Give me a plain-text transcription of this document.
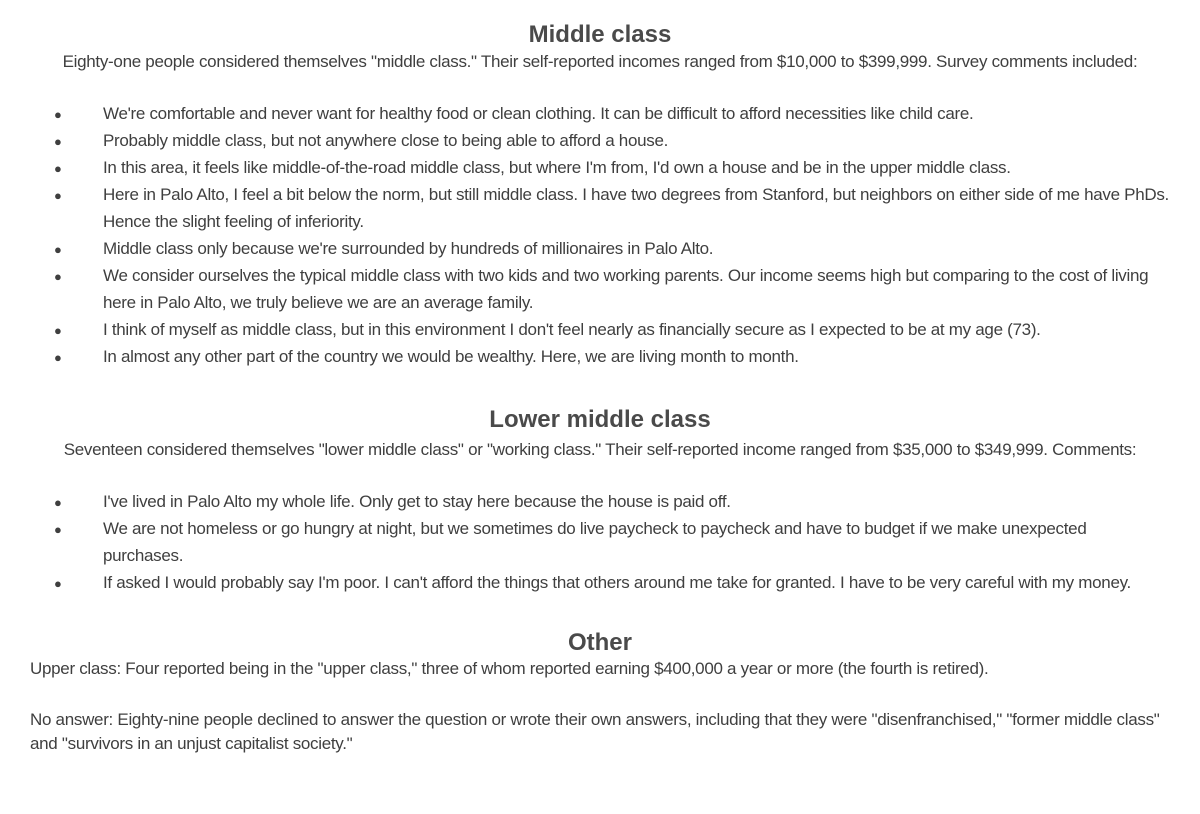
Middle class
Eighty-one people considered themselves "middle class." Their self-reported incomes ranged from $10,000 to $399,999. Survey comments included:
● We're comfortable and never want for healthy food or clean clothing. It can be difficult to afford necessities like child care.
● Probably middle class, but not anywhere close to being able to afford a house.
● In this area, it feels like middle-of-the-road middle class, but where I'm from, I'd own a house and be in the upper middle class.
● Here in Palo Alto, I feel a bit below the norm, but still middle class. I have two degrees from Stanford, but neighbors on either side of me have PhDs. Hence the slight feeling of inferiority.
● Middle class only because we're surrounded by hundreds of millionaires in Palo Alto.
● We consider ourselves the typical middle class with two kids and two working parents. Our income seems high but comparing to the cost of living here in Palo Alto, we truly believe we are an average family.
● I think of myself as middle class, but in this environment I don't feel nearly as financially secure as I expected to be at my age (73).
● In almost any other part of the country we would be wealthy. Here, we are living month to month.
Lower middle class
Seventeen considered themselves "lower middle class" or "working class." Their self-reported income ranged from $35,000 to $349,999. Comments:
● I've lived in Palo Alto my whole life. Only get to stay here because the house is paid off.
● We are not homeless or go hungry at night, but we sometimes do live paycheck to paycheck and have to budget if we make unexpected purchases.
● If asked I would probably say I'm poor. I can't afford the things that others around me take for granted. I have to be very careful with my money.
Other
Upper class: Four reported being in the "upper class," three of whom reported earning $400,000 a year or more (the fourth is retired).
No answer: Eighty-nine people declined to answer the question or wrote their own answers, including that they were "disenfranchised," "former middle class" and "survivors in an unjust capitalist society."
